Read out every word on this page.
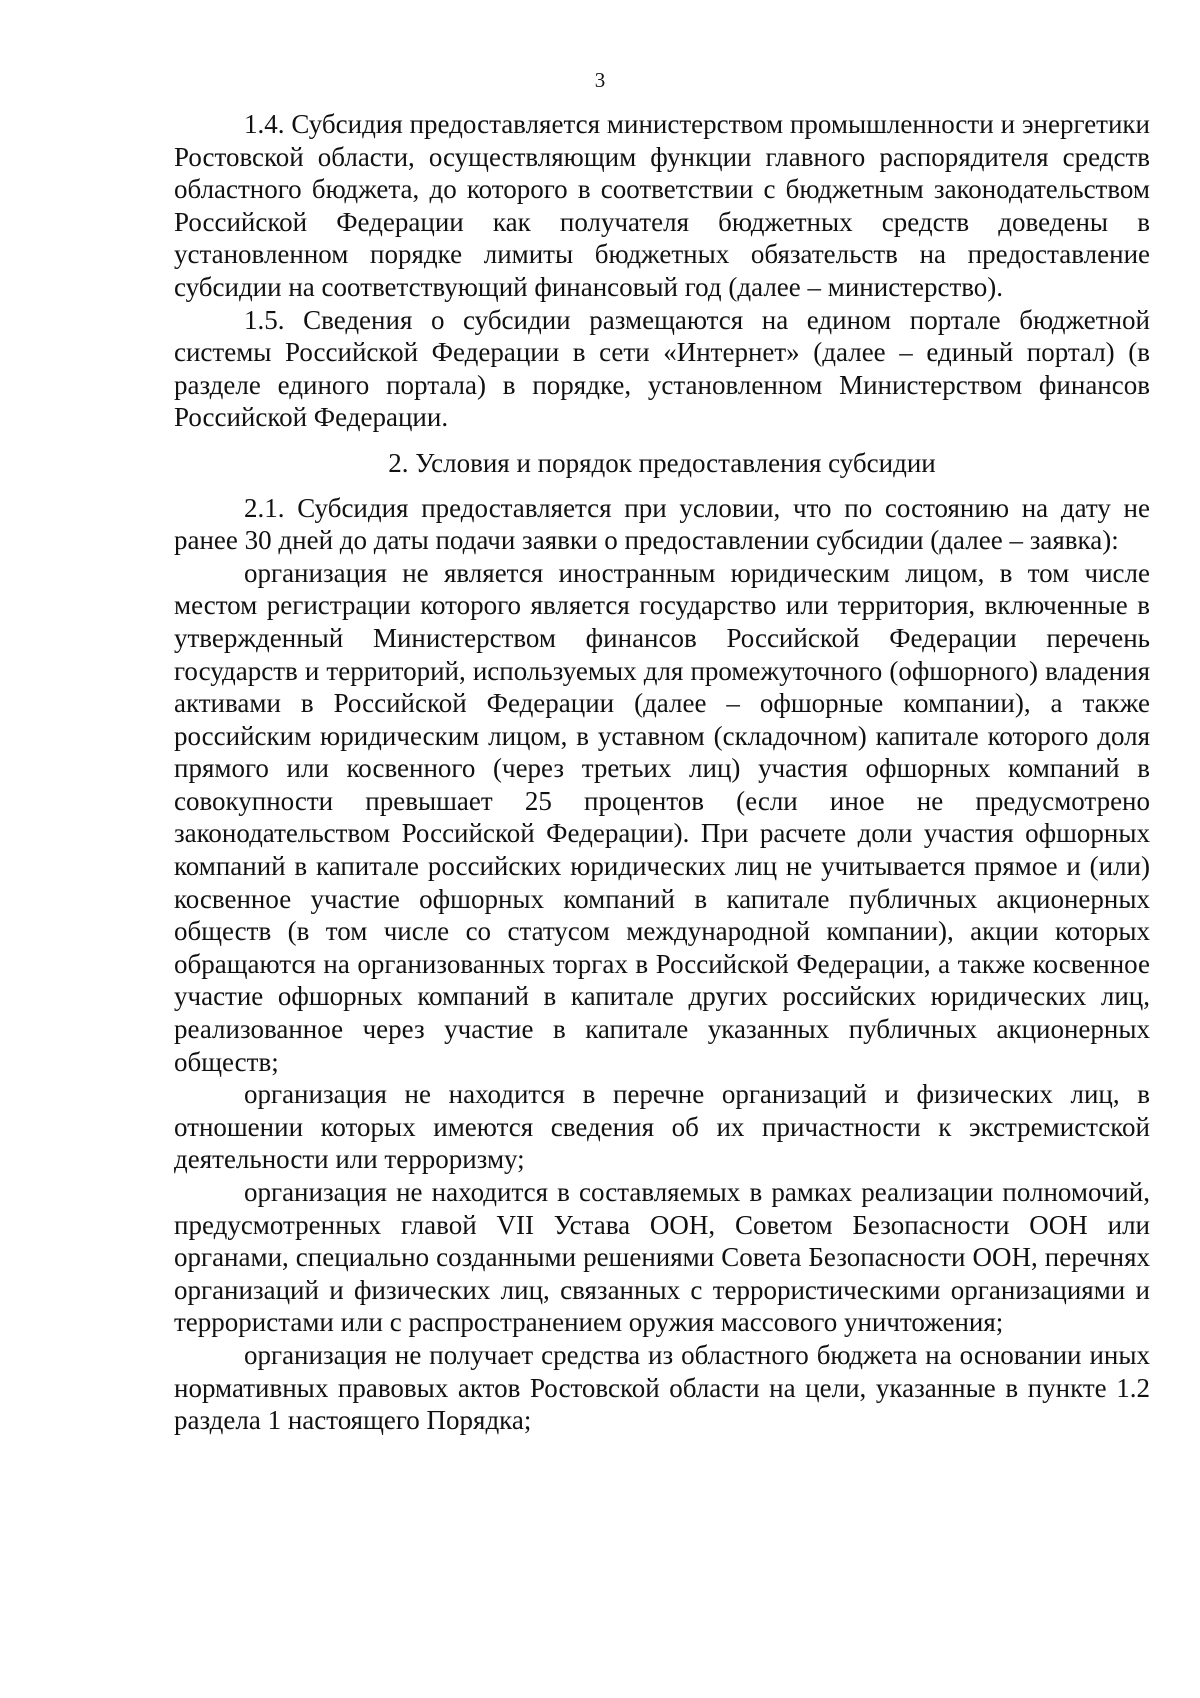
3

1.4. Субсидия предоставляется министерством промышленности и энергетики Ростовской области, осуществляющим функции главного распорядителя средств областного бюджета, до которого в соответствии с бюджетным законодательством Российской Федерации как получателя бюджетных средств доведены в установленном порядке лимиты бюджетных обязательств на предоставление субсидии на соответствующий финансовый год (далее – министерство).

1.5. Сведения о субсидии размещаются на едином портале бюджетной системы Российской Федерации в сети «Интернет» (далее – единый портал) (в разделе единого портала) в порядке, установленном Министерством финансов Российской Федерации.

2. Условия и порядок предоставления субсидии

2.1. Субсидия предоставляется при условии, что по состоянию на дату не ранее 30 дней до даты подачи заявки о предоставлении субсидии (далее – заявка):

организация не является иностранным юридическим лицом, в том числе местом регистрации которого является государство или территория, включенные в утвержденный Министерством финансов Российской Федерации перечень государств и территорий, используемых для промежуточного (офшорного) владения активами в Российской Федерации (далее – офшорные компании), а также российским юридическим лицом, в уставном (складочном) капитале которого доля прямого или косвенного (через третьих лиц) участия офшорных компаний в совокупности превышает 25 процентов (если иное не предусмотрено законодательством Российской Федерации). При расчете доли участия офшорных компаний в капитале российских юридических лиц не учитывается прямое и (или) косвенное участие офшорных компаний в капитале публичных акционерных обществ (в том числе со статусом международной компании), акции которых обращаются на организованных торгах в Российской Федерации, а также косвенное участие офшорных компаний в капитале других российских юридических лиц, реализованное через участие в капитале указанных публичных акционерных обществ;

организация не находится в перечне организаций и физических лиц, в отношении которых имеются сведения об их причастности к экстремистской деятельности или терроризму;

организация не находится в составляемых в рамках реализации полномочий, предусмотренных главой VII Устава ООН, Советом Безопасности ООН или органами, специально созданными решениями Совета Безопасности ООН, перечнях организаций и физических лиц, связанных с террористическими организациями и террористами или с распространением оружия массового уничтожения;

организация не получает средства из областного бюджета на основании иных нормативных правовых актов Ростовской области на цели, указанные в пункте 1.2 раздела 1 настоящего Порядка;
